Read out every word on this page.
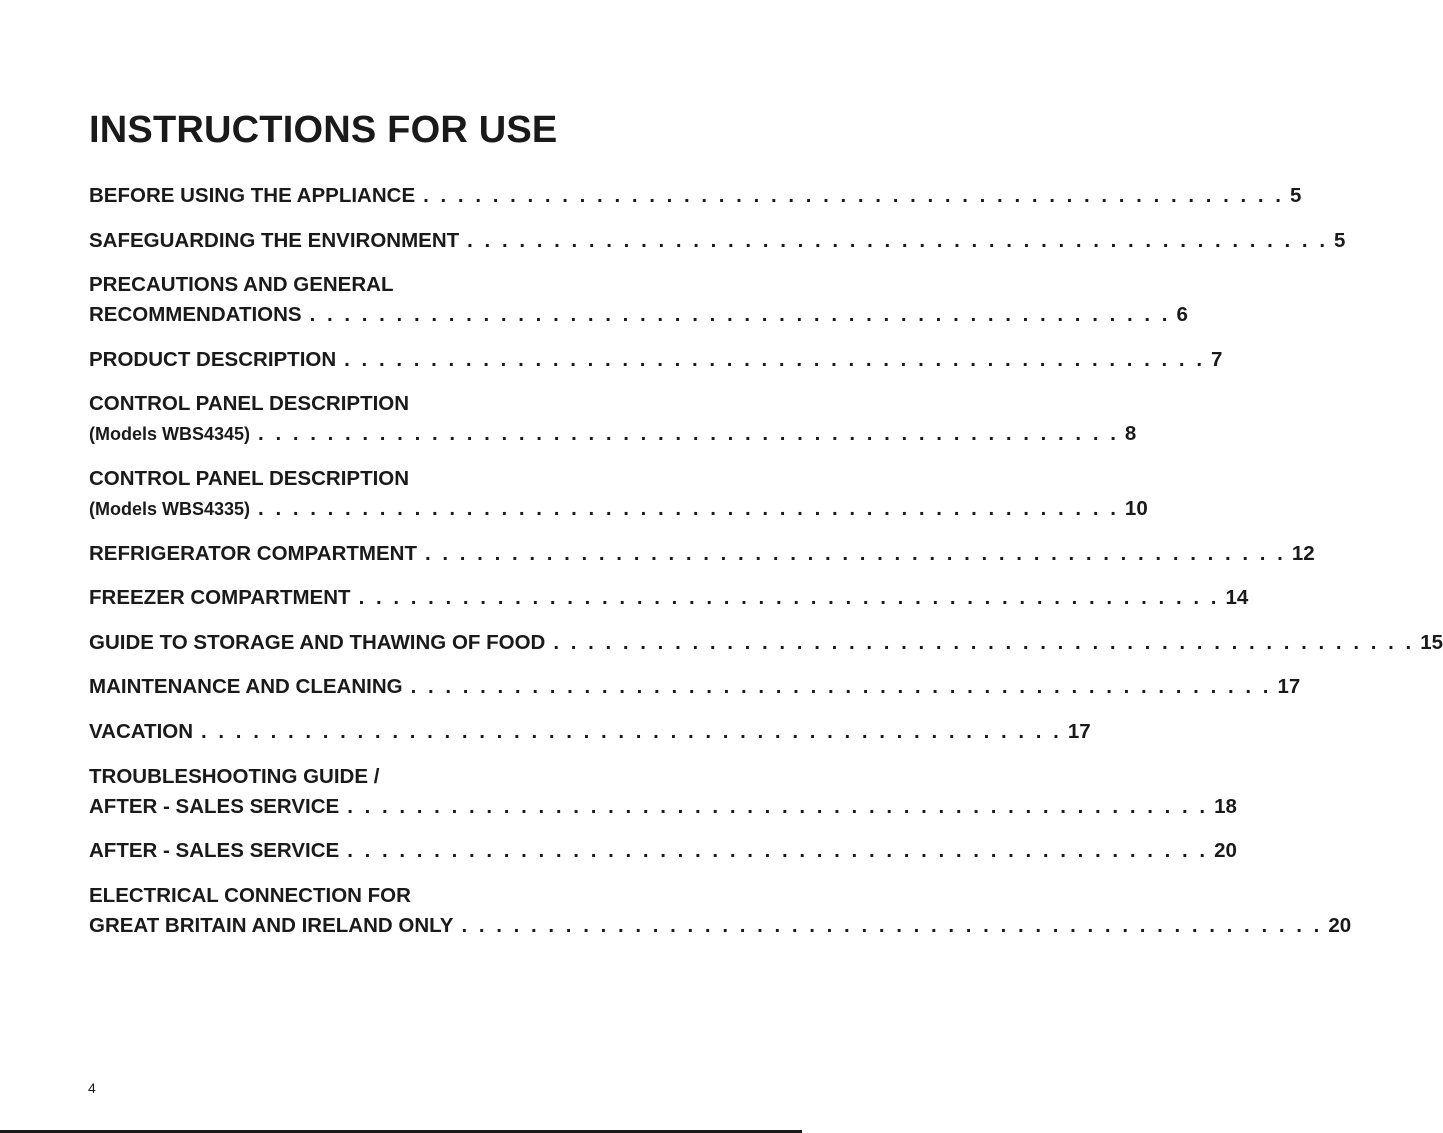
INSTRUCTIONS FOR USE
BEFORE USING THE APPLIANCE . . . . . . . . . . . . . . . . . . . . . . . . . . . . . . . . . . . . . . . . . . . . . . . . . . 5
SAFEGUARDING THE ENVIRONMENT . . . . . . . . . . . . . . . . . . . . . . . . . . . . . . . . . . . . . . . . . . . . . . . . . . 5
PRECAUTIONS AND GENERAL
RECOMMENDATIONS . . . . . . . . . . . . . . . . . . . . . . . . . . . . . . . . . . . . . . . . . . . . . . . . . . 6
PRODUCT DESCRIPTION . . . . . . . . . . . . . . . . . . . . . . . . . . . . . . . . . . . . . . . . . . . . . . . . . . 7
CONTROL PANEL DESCRIPTION
(Models WBS4345) . . . . . . . . . . . . . . . . . . . . . . . . . . . . . . . . . . . . . . . . . . . . . . . . . . 8
CONTROL PANEL DESCRIPTION
(Models WBS4335) . . . . . . . . . . . . . . . . . . . . . . . . . . . . . . . . . . . . . . . . . . . . . . . . . . 10
REFRIGERATOR COMPARTMENT . . . . . . . . . . . . . . . . . . . . . . . . . . . . . . . . . . . . . . . . . . . . . . . . . . 12
FREEZER COMPARTMENT . . . . . . . . . . . . . . . . . . . . . . . . . . . . . . . . . . . . . . . . . . . . . . . . . . 14
GUIDE TO STORAGE AND THAWING OF FOOD . . . . . . . . . . . . . . . . . . . . . . . . . . . . . . . . . . . . . . . . . . . . . . . . . . 15
MAINTENANCE AND CLEANING . . . . . . . . . . . . . . . . . . . . . . . . . . . . . . . . . . . . . . . . . . . . . . . . . . 17
VACATION . . . . . . . . . . . . . . . . . . . . . . . . . . . . . . . . . . . . . . . . . . . . . . . . . . 17
TROUBLESHOOTING GUIDE /
AFTER - SALES SERVICE . . . . . . . . . . . . . . . . . . . . . . . . . . . . . . . . . . . . . . . . . . . . . . . . . . 18
AFTER - SALES SERVICE . . . . . . . . . . . . . . . . . . . . . . . . . . . . . . . . . . . . . . . . . . . . . . . . . . 20
ELECTRICAL CONNECTION FOR
GREAT BRITAIN AND IRELAND ONLY . . . . . . . . . . . . . . . . . . . . . . . . . . . . . . . . . . . . . . . . . . . . . . . . . . 20
4
